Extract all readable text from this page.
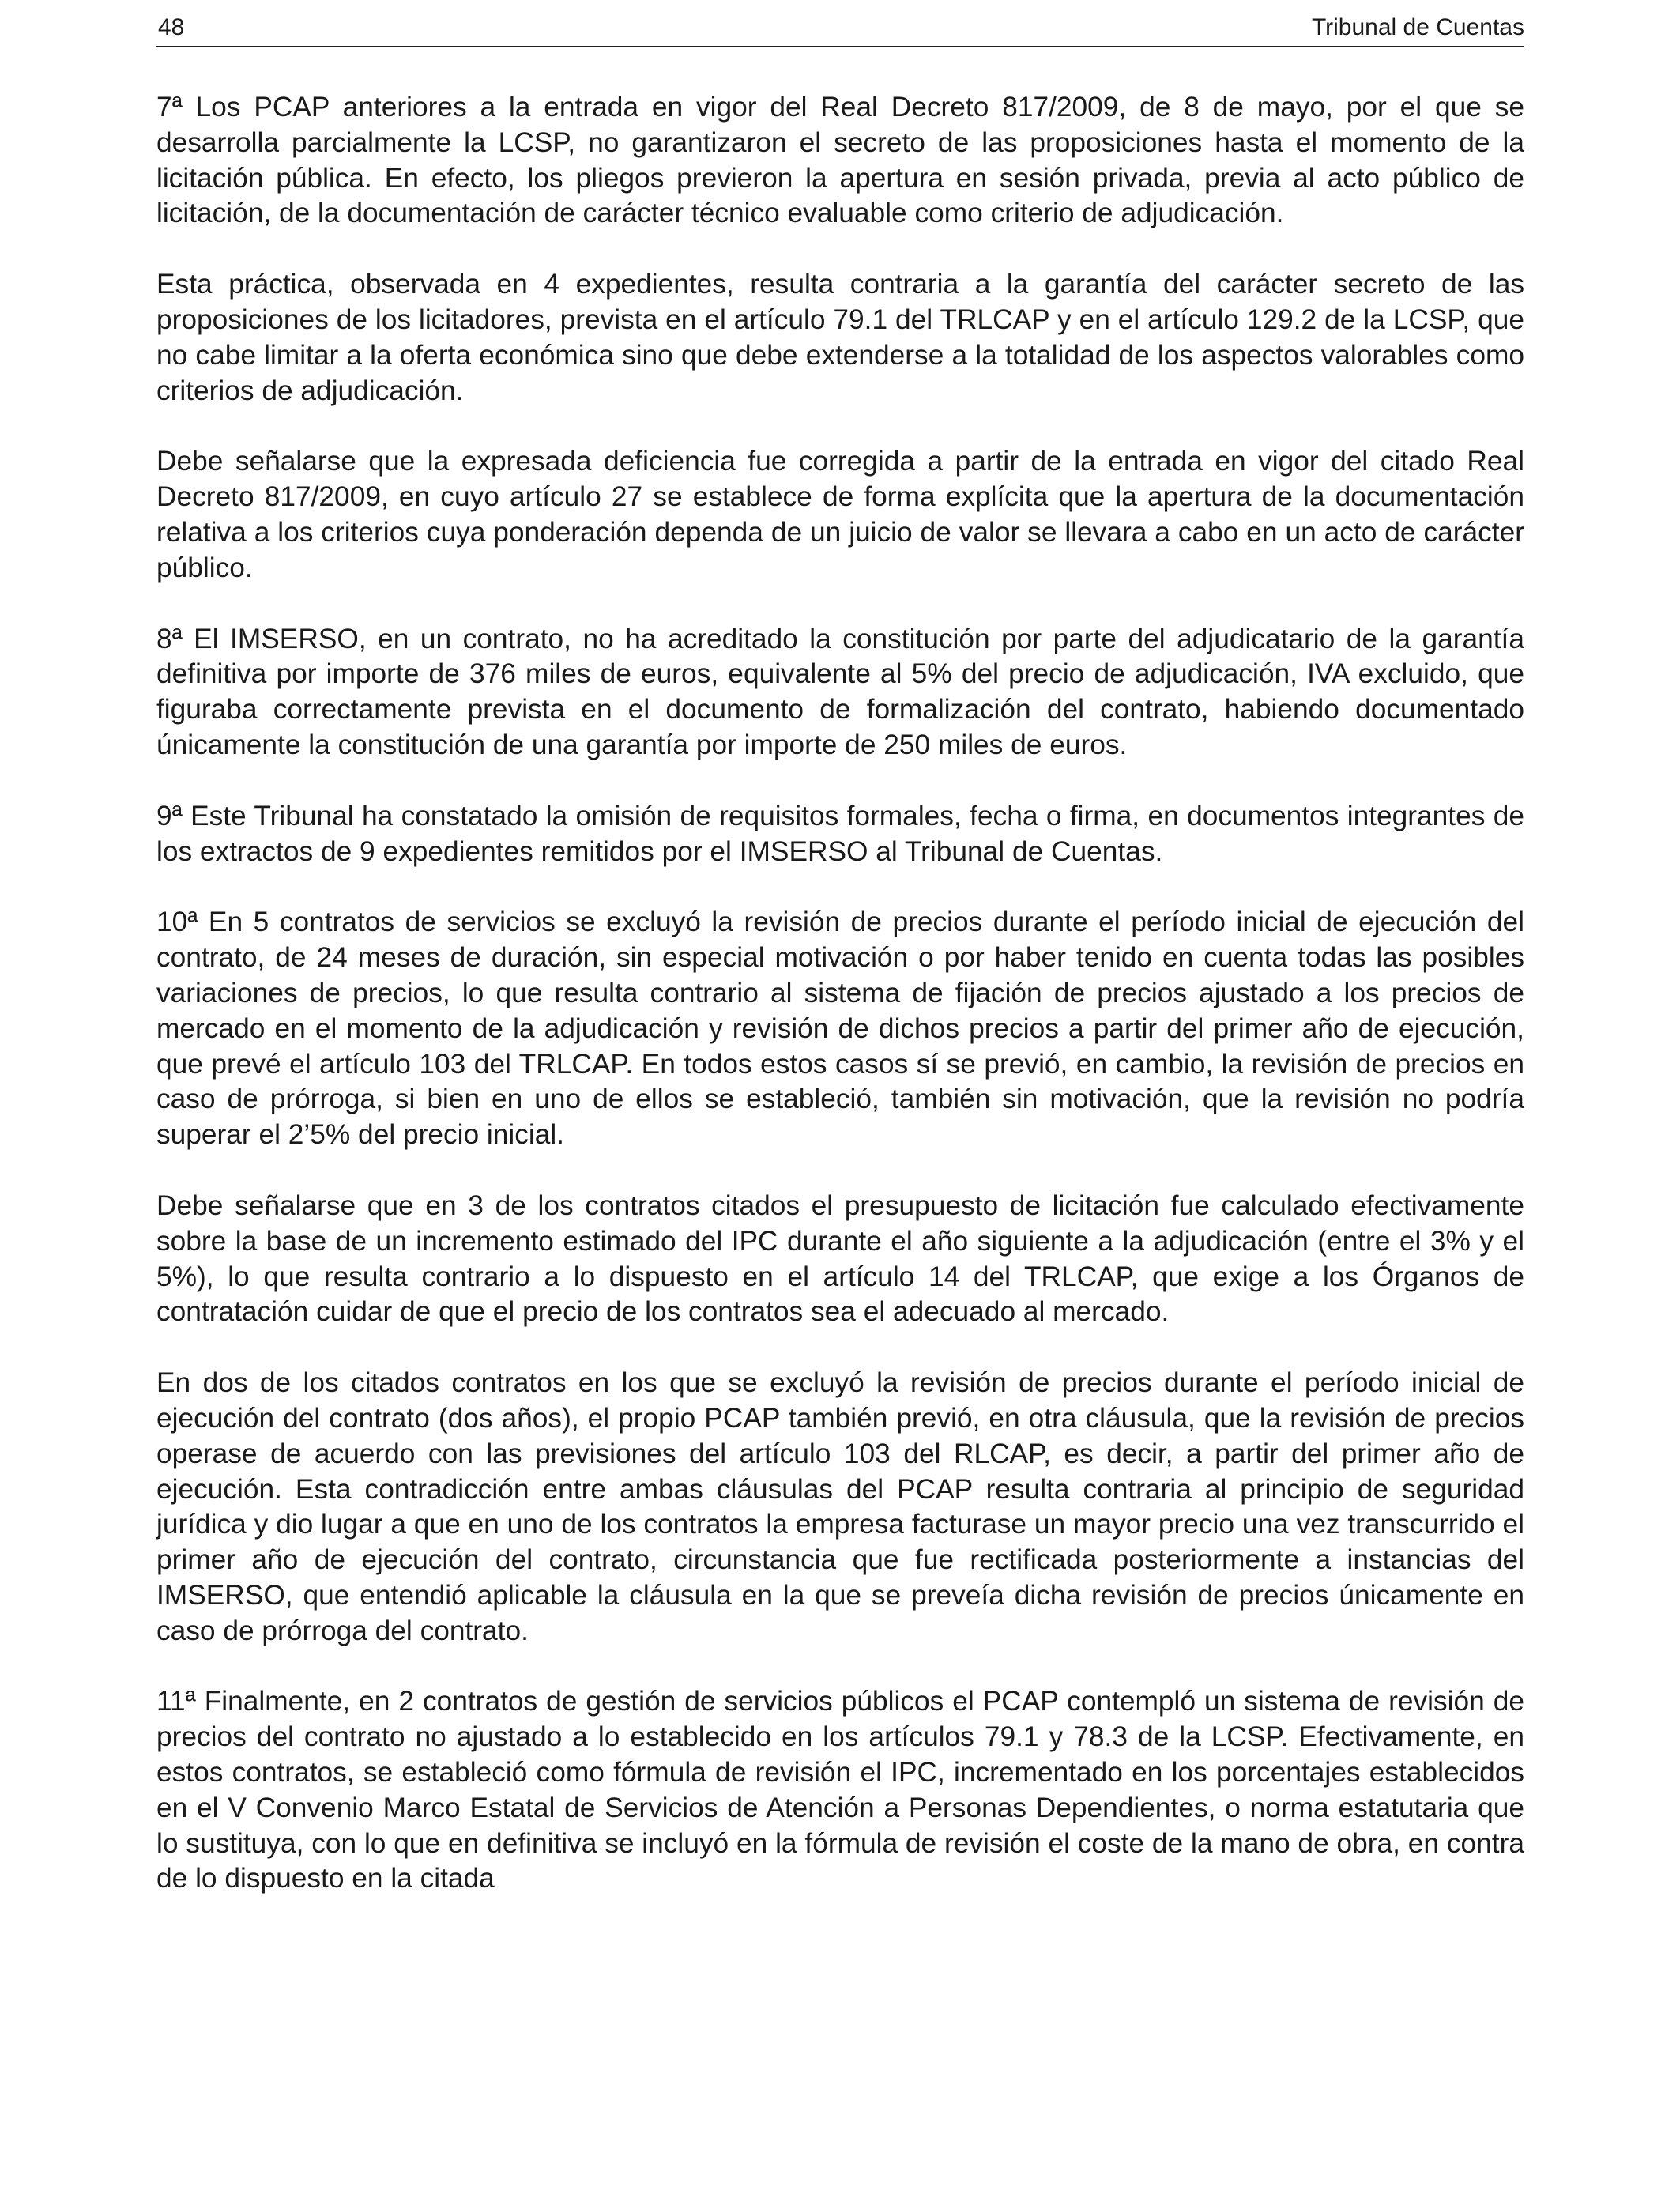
48	Tribunal de Cuentas

7ª Los PCAP anteriores a la entrada en vigor del Real Decreto 817/2009, de 8 de mayo, por el que se desarrolla parcialmente la LCSP, no garantizaron el secreto de las proposiciones hasta el momento de la licitación pública. En efecto, los pliegos previeron la apertura en sesión privada, previa al acto público de licitación, de la documentación de carácter técnico evaluable como criterio de adjudicación.

Esta práctica, observada en 4 expedientes, resulta contraria a la garantía del carácter secreto de las proposiciones de los licitadores, prevista en el artículo 79.1 del TRLCAP y en el artículo 129.2 de la LCSP, que no cabe limitar a la oferta económica sino que debe extenderse a la totalidad de los aspectos valorables como criterios de adjudicación.

Debe señalarse que la expresada deficiencia fue corregida a partir de la entrada en vigor del citado Real Decreto 817/2009, en cuyo artículo 27 se establece de forma explícita que la apertura de la documentación relativa a los criterios cuya ponderación dependa de un juicio de valor se llevara a cabo en un acto de carácter público.

8ª El IMSERSO, en un contrato, no ha acreditado la constitución por parte del adjudicatario de la garantía definitiva por importe de 376 miles de euros, equivalente al 5% del precio de adjudicación, IVA excluido, que figuraba correctamente prevista en el documento de formalización del contrato, habiendo documentado únicamente la constitución de una garantía por importe de 250 miles de euros.

9ª Este Tribunal ha constatado la omisión de requisitos formales, fecha o firma, en documentos integrantes de los extractos de 9 expedientes remitidos por el IMSERSO al Tribunal de Cuentas.

10ª En 5 contratos de servicios se excluyó la revisión de precios durante el período inicial de ejecución del contrato, de 24 meses de duración, sin especial motivación o por haber tenido en cuenta todas las posibles variaciones de precios, lo que resulta contrario al sistema de fijación de precios ajustado a los precios de mercado en el momento de la adjudicación y revisión de dichos precios a partir del primer año de ejecución, que prevé el artículo 103 del TRLCAP. En todos estos casos sí se previó, en cambio, la revisión de precios en caso de prórroga, si bien en uno de ellos se estableció, también sin motivación, que la revisión no podría superar el 2’5% del precio inicial.

Debe señalarse que en 3 de los contratos citados el presupuesto de licitación fue calculado efectivamente sobre la base de un incremento estimado del IPC durante el año siguiente a la adjudicación (entre el 3% y el 5%), lo que resulta contrario a lo dispuesto en el artículo 14 del TRLCAP, que exige a los Órganos de contratación cuidar de que el precio de los contratos sea el adecuado al mercado.

En dos de los citados contratos en los que se excluyó la revisión de precios durante el período inicial de ejecución del contrato (dos años), el propio PCAP también previó, en otra cláusula, que la revisión de precios operase de acuerdo con las previsiones del artículo 103 del RLCAP, es decir, a partir del primer año de ejecución. Esta contradicción entre ambas cláusulas del PCAP resulta contraria al principio de seguridad jurídica y dio lugar a que en uno de los contratos la empresa facturase un mayor precio una vez transcurrido el primer año de ejecución del contrato, circunstancia que fue rectificada posteriormente a instancias del IMSERSO, que entendió aplicable la cláusula en la que se preveía dicha revisión de precios únicamente en caso de prórroga del contrato.

11ª Finalmente, en 2 contratos de gestión de servicios públicos el PCAP contempló un sistema de revisión de precios del contrato no ajustado a lo establecido en los artículos 79.1 y 78.3 de la LCSP. Efectivamente, en estos contratos, se estableció como fórmula de revisión el IPC, incrementado en los porcentajes establecidos en el V Convenio Marco Estatal de Servicios de Atención a Personas Dependientes, o norma estatutaria que lo sustituya, con lo que en definitiva se incluyó en la fórmula de revisión el coste de la mano de obra, en contra de lo dispuesto en la citada
